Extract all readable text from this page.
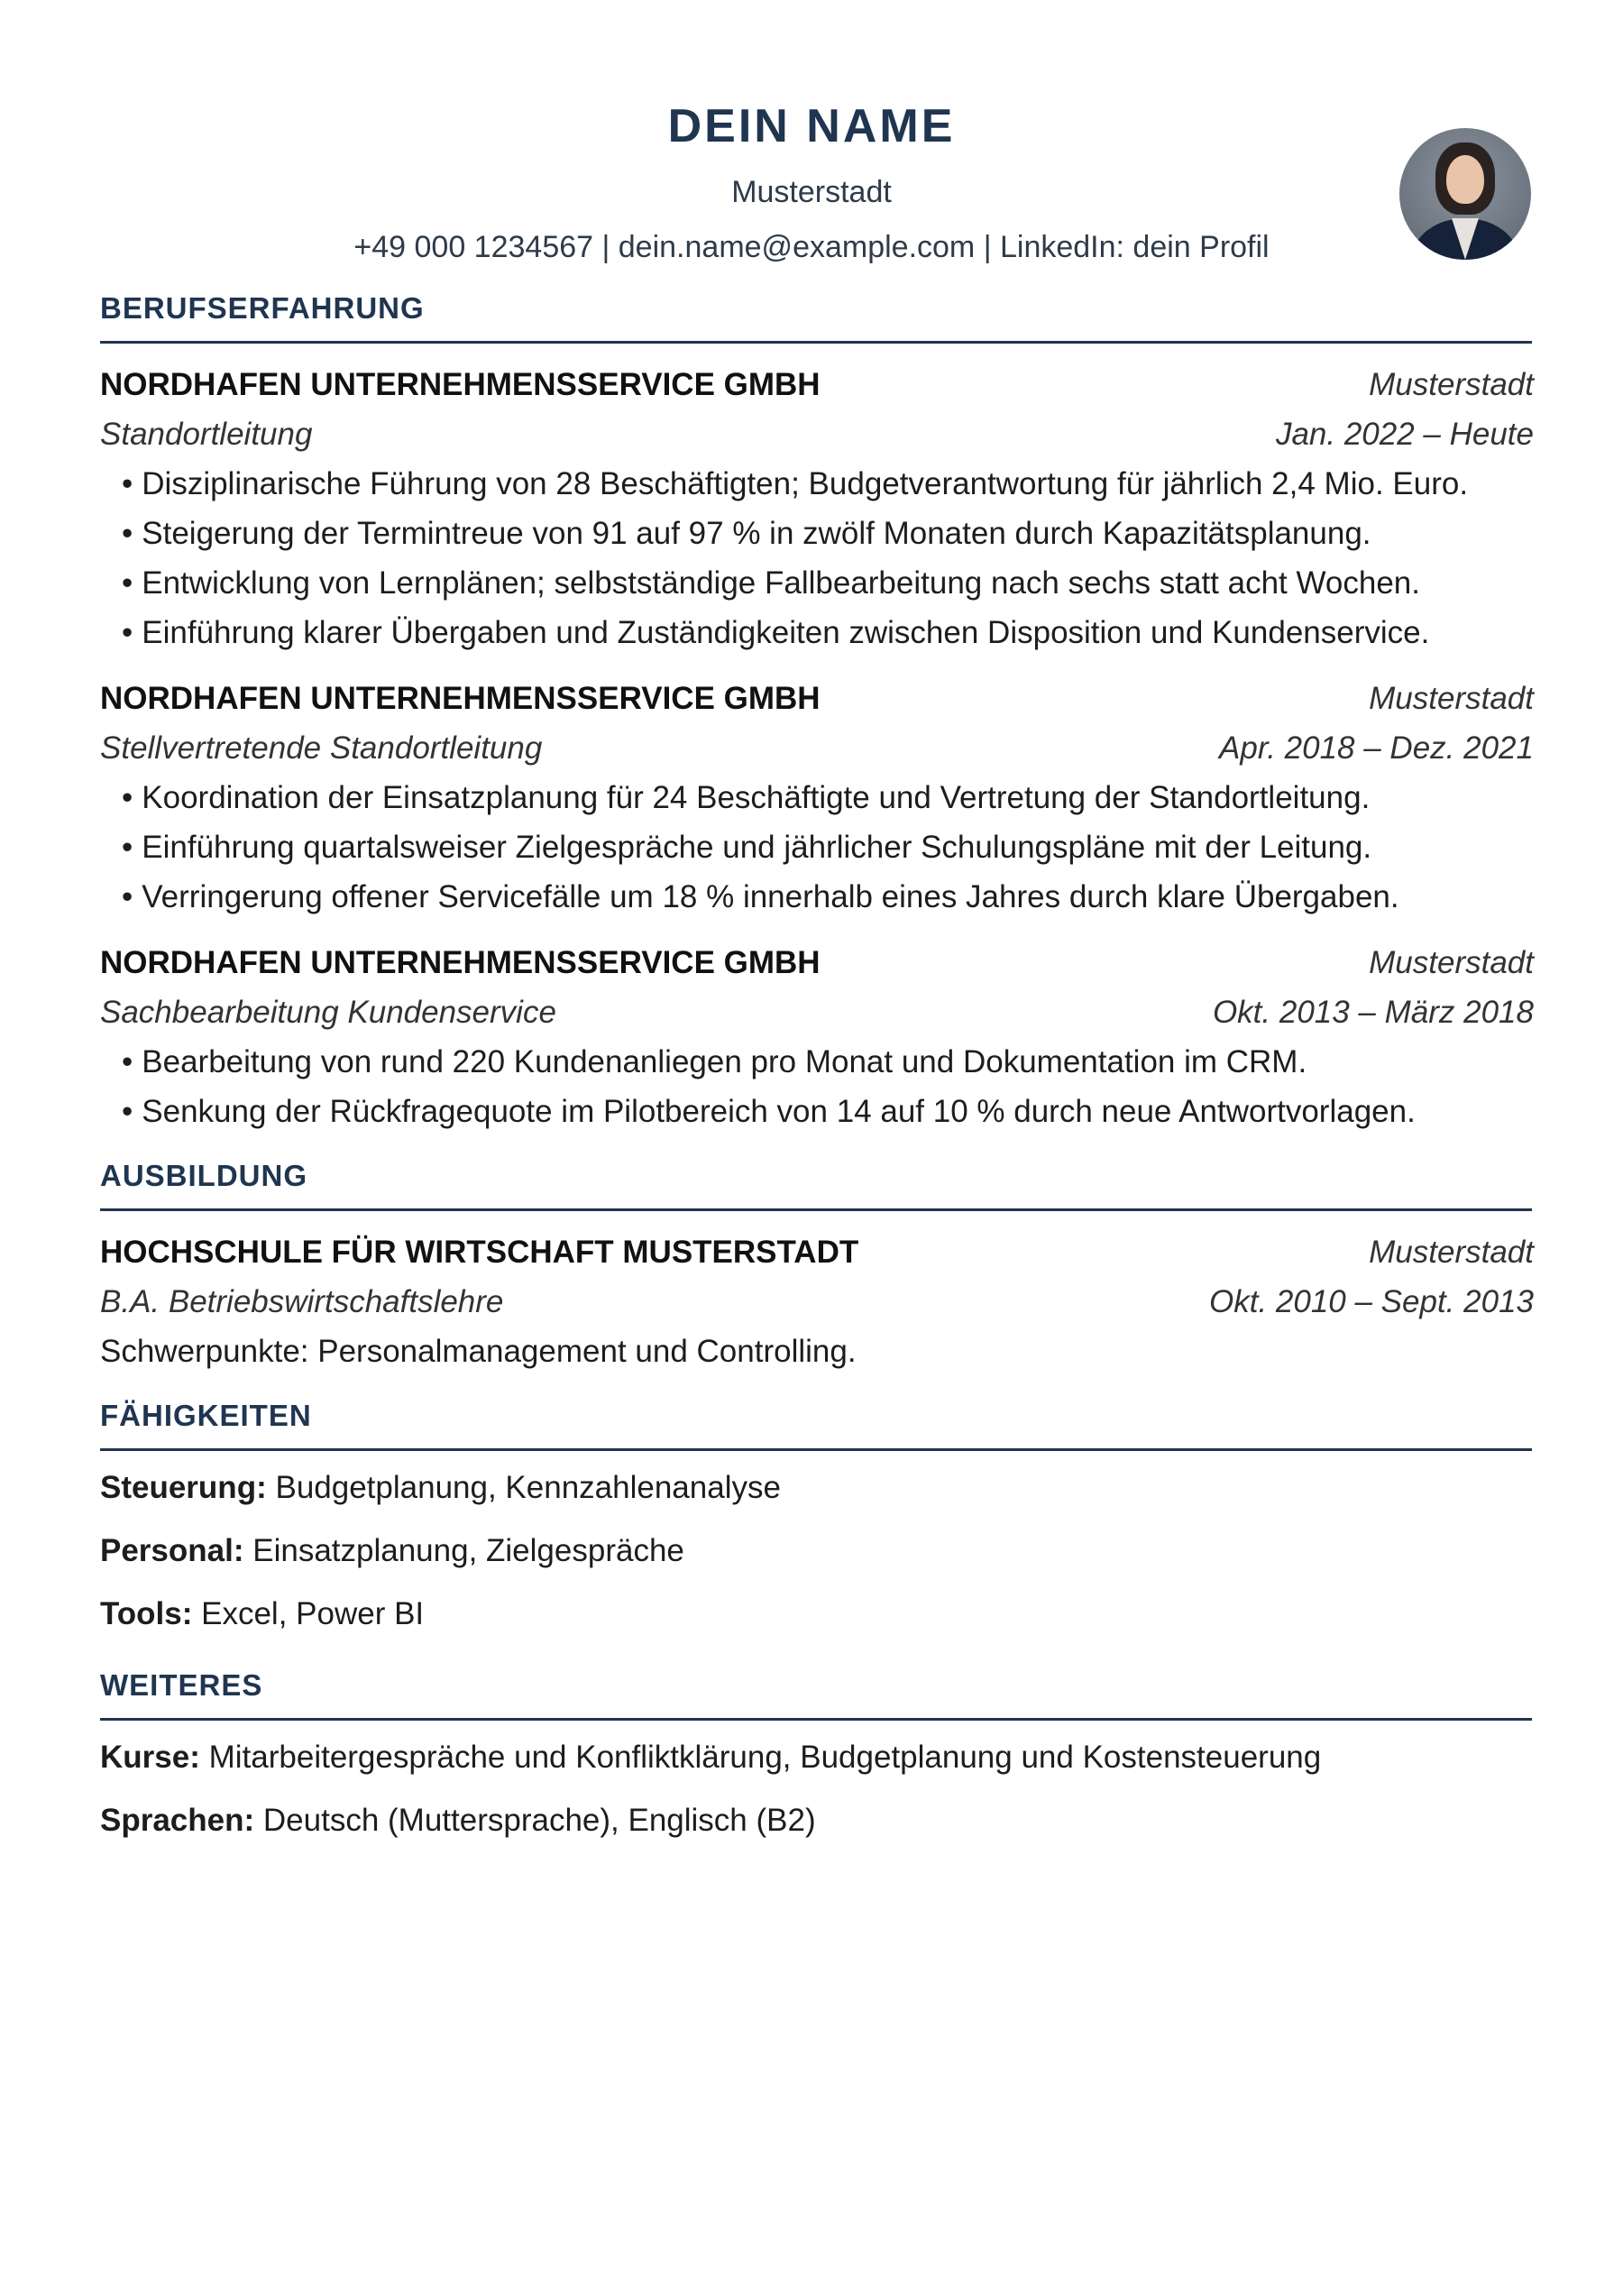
DEIN NAME
Musterstadt
+49 000 1234567 | dein.name@example.com | LinkedIn: dein Profil
BERUFSERFAHRUNG
NORDHAFEN UNTERNEHMENSSERVICE GMBH	Musterstadt
Standortleitung	Jan. 2022 – Heute
• Disziplinarische Führung von 28 Beschäftigten; Budgetverantwortung für jährlich 2,4 Mio. Euro.
• Steigerung der Termintreue von 91 auf 97 % in zwölf Monaten durch Kapazitätsplanung.
• Entwicklung von Lernplänen; selbstständige Fallbearbeitung nach sechs statt acht Wochen.
• Einführung klarer Übergaben und Zuständigkeiten zwischen Disposition und Kundenservice.
NORDHAFEN UNTERNEHMENSSERVICE GMBH	Musterstadt
Stellvertretende Standortleitung	Apr. 2018 – Dez. 2021
• Koordination der Einsatzplanung für 24 Beschäftigte und Vertretung der Standortleitung.
• Einführung quartalsweiser Zielgespräche und jährlicher Schulungspläne mit der Leitung.
• Verringerung offener Servicefälle um 18 % innerhalb eines Jahres durch klare Übergaben.
NORDHAFEN UNTERNEHMENSSERVICE GMBH	Musterstadt
Sachbearbeitung Kundenservice	Okt. 2013 – März 2018
• Bearbeitung von rund 220 Kundenanliegen pro Monat und Dokumentation im CRM.
• Senkung der Rückfragequote im Pilotbereich von 14 auf 10 % durch neue Antwortvorlagen.
AUSBILDUNG
HOCHSCHULE FÜR WIRTSCHAFT MUSTERSTADT	Musterstadt
B.A. Betriebswirtschaftslehre	Okt. 2010 – Sept. 2013
Schwerpunkte: Personalmanagement und Controlling.
FÄHIGKEITEN
Steuerung: Budgetplanung, Kennzahlenanalyse
Personal: Einsatzplanung, Zielgespräche
Tools: Excel, Power BI
WEITERES
Kurse: Mitarbeitergespräche und Konfliktklärung, Budgetplanung und Kostensteuerung
Sprachen: Deutsch (Muttersprache), Englisch (B2)
